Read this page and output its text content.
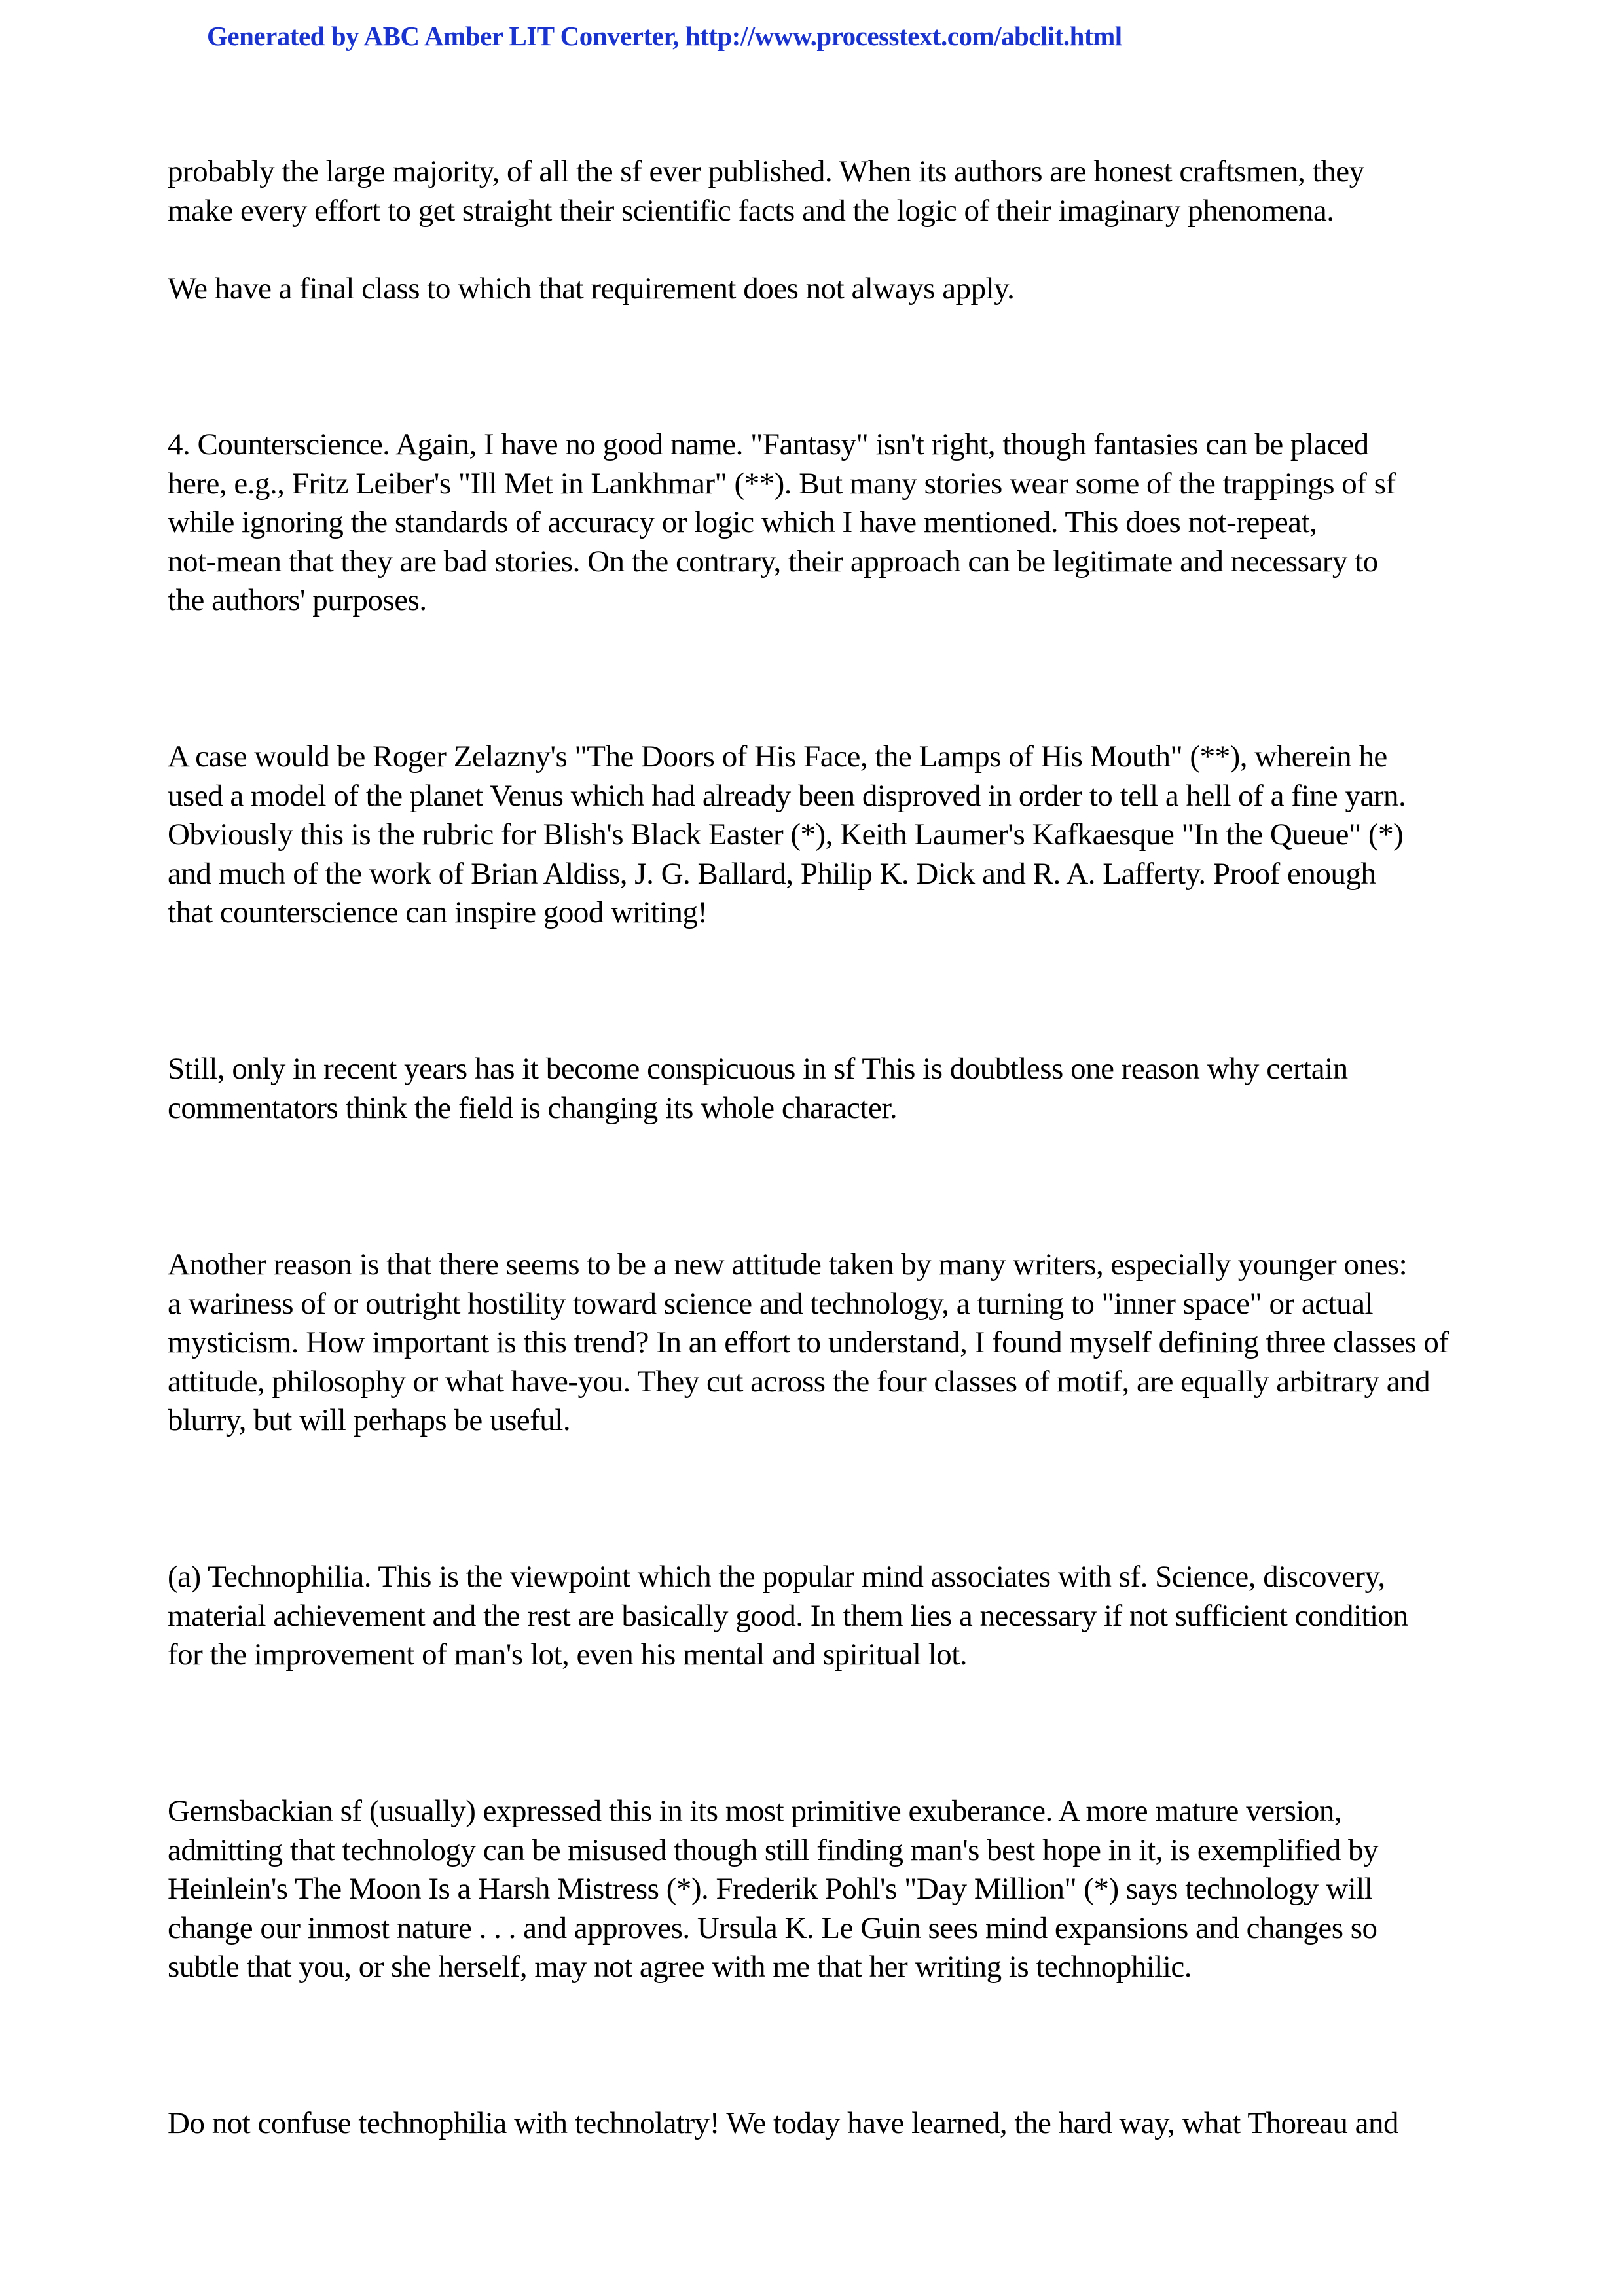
Generated by ABC Amber LIT Converter, http://www.processtext.com/abclit.html

probably the large majority, of all the sf ever published. When its authors are honest craftsmen, they
make every effort to get straight their scientific facts and the logic of their imaginary phenomena.

We have a final class to which that requirement does not always apply.

4. Counterscience. Again, I have no good name. "Fantasy" isn't right, though fantasies can be placed
here, e.g., Fritz Leiber's "Ill Met in Lankhmar" (**). But many stories wear some of the trappings of sf
while ignoring the standards of accuracy or logic which I have mentioned. This does not-repeat,
not-mean that they are bad stories. On the contrary, their approach can be legitimate and necessary to
the authors' purposes.

A case would be Roger Zelazny's "The Doors of His Face, the Lamps of His Mouth" (**), wherein he
used a model of the planet Venus which had already been disproved in order to tell a hell of a fine yarn.
Obviously this is the rubric for Blish's Black Easter (*), Keith Laumer's Kafkaesque "In the Queue" (*)
and much of the work of Brian Aldiss, J. G. Ballard, Philip K. Dick and R. A. Lafferty. Proof enough
that counterscience can inspire good writing!

Still, only in recent years has it become conspicuous in sf This is doubtless one reason why certain
commentators think the field is changing its whole character.

Another reason is that there seems to be a new attitude taken by many writers, especially younger ones:
a wariness of or outright hostility toward science and technology, a turning to "inner space" or actual
mysticism. How important is this trend? In an effort to understand, I found myself defining three classes of
attitude, philosophy or what have-you. They cut across the four classes of motif, are equally arbitrary and
blurry, but will perhaps be useful.

(a) Technophilia. This is the viewpoint which the popular mind associates with sf. Science, discovery,
material achievement and the rest are basically good. In them lies a necessary if not sufficient condition
for the improvement of man's lot, even his mental and spiritual lot.

Gernsbackian sf (usually) expressed this in its most primitive exuberance. A more mature version,
admitting that technology can be misused though still finding man's best hope in it, is exemplified by
Heinlein's The Moon Is a Harsh Mistress (*). Frederik Pohl's "Day Million" (*) says technology will
change our inmost nature . . . and approves. Ursula K. Le Guin sees mind expansions and changes so
subtle that you, or she herself, may not agree with me that her writing is technophilic.

Do not confuse technophilia with technolatry! We today have learned, the hard way, what Thoreau and
